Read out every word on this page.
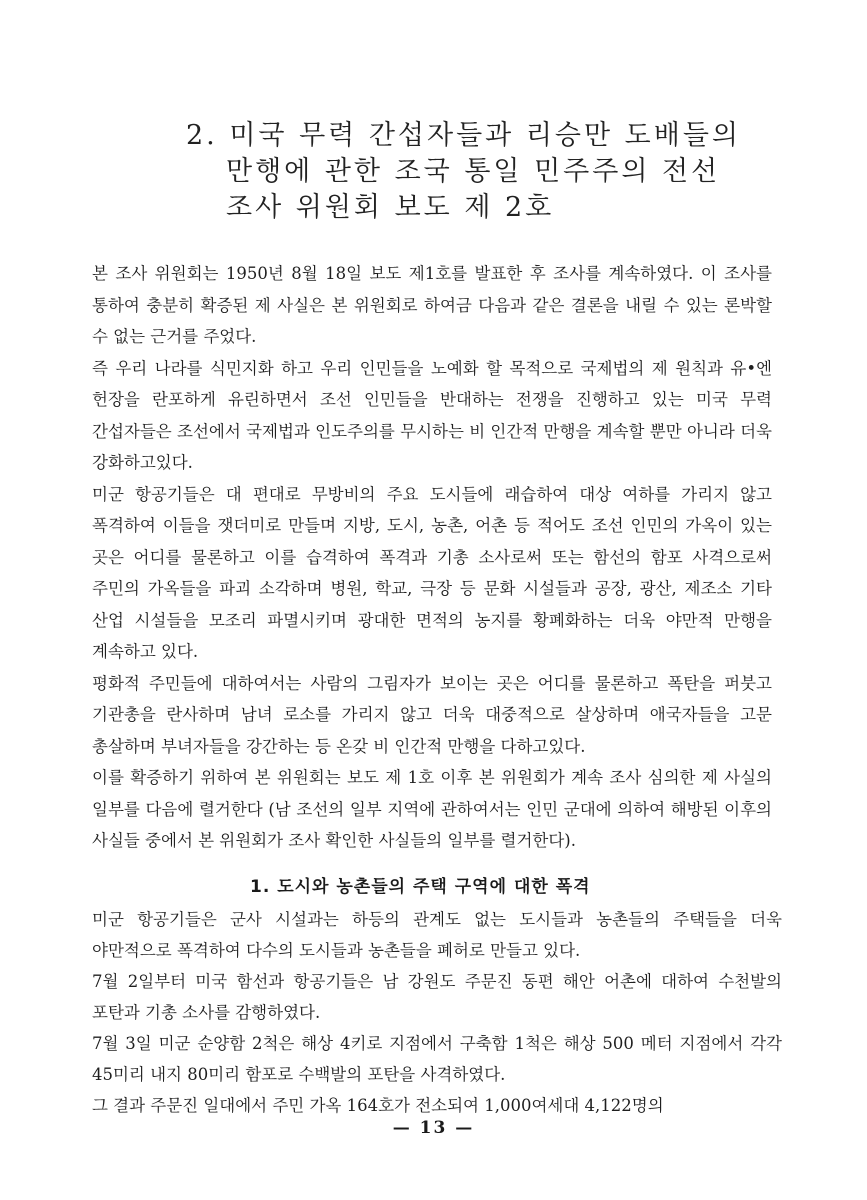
2. 미국 무력 간섭자들과 리승만 도배들의
만행에 관한 조국 통일 민주주의 전선
조사 위원회 보도 제 2호

본 조사 위원회는 1950년 8월 18일 보도 제1호를 발표한 후 조사를 계속하였다. 이 조사를 통하여 충분히 확증된 제 사실은 본 위원회로 하여금 다음과 같은 결론을 내릴 수 있는 론박할 수 없는 근거를 주었다.

즉 우리 나라를 식민지화 하고 우리 인민들을 노예화 할 목적으로 국제법의 제 원칙과 유•엔 헌장을 란포하게 유린하면서 조선 인민들을 반대하는 전쟁을 진행하고 있는 미국 무력 간섭자들은 조선에서 국제법과 인도주의를 무시하는 비 인간적 만행을 계속할 뿐만 아니라 더욱 강화하고있다.

미군 항공기들은 대 편대로 무방비의 주요 도시들에 래습하여 대상 여하를 가리지 않고 폭격하여 이들을 잿더미로 만들며 지방, 도시, 농촌, 어촌 등 적어도 조선 인민의 가옥이 있는 곳은 어디를 물론하고 이를 습격하여 폭격과 기총 소사로써 또는 함선의 함포 사격으로써 주민의 가옥들을 파괴 소각하며 병원, 학교, 극장 등 문화 시설들과 공장, 광산, 제조소 기타 산업 시설들을 모조리 파멸시키며 광대한 면적의 농지를 황폐화하는 더욱 야만적 만행을 계속하고 있다.

평화적 주민들에 대하여서는 사람의 그림자가 보이는 곳은 어디를 물론하고 폭탄을 퍼붓고 기관총을 란사하며 남녀 로소를 가리지 않고 더욱 대중적으로 살상하며 애국자들을 고문 총살하며 부녀자들을 강간하는 등 온갖 비 인간적 만행을 다하고있다.

이를 확증하기 위하여 본 위원회는 보도 제 1호 이후 본 위원회가 계속 조사 심의한 제 사실의 일부를 다음에 렬거한다 (남 조선의 일부 지역에 관하여서는 인민 군대에 의하여 해방된 이후의 사실들 중에서 본 위원회가 조사 확인한 사실들의 일부를 렬거한다).

1. 도시와 농촌들의 주택 구역에 대한 폭격

미군 항공기들은 군사 시설과는 하등의 관계도 없는 도시들과 농촌들의 주택들을 더욱 야만적으로 폭격하여 다수의 도시들과 농촌들을 폐허로 만들고 있다.

7월 2일부터 미국 함선과 항공기들은 남 강원도 주문진 동편 해안 어촌에 대하여 수천발의 포탄과 기총 소사를 감행하였다.

7월 3일 미군 순양함 2척은 해상 4키로 지점에서 구축함 1척은 해상 500 메터 지점에서 각각 45미리 내지 80미리 함포로 수백발의 포탄을 사격하였다.

그 결과 주문진 일대에서 주민 가옥 164호가 전소되여 1,000여세대 4,122명의

— 13 —
